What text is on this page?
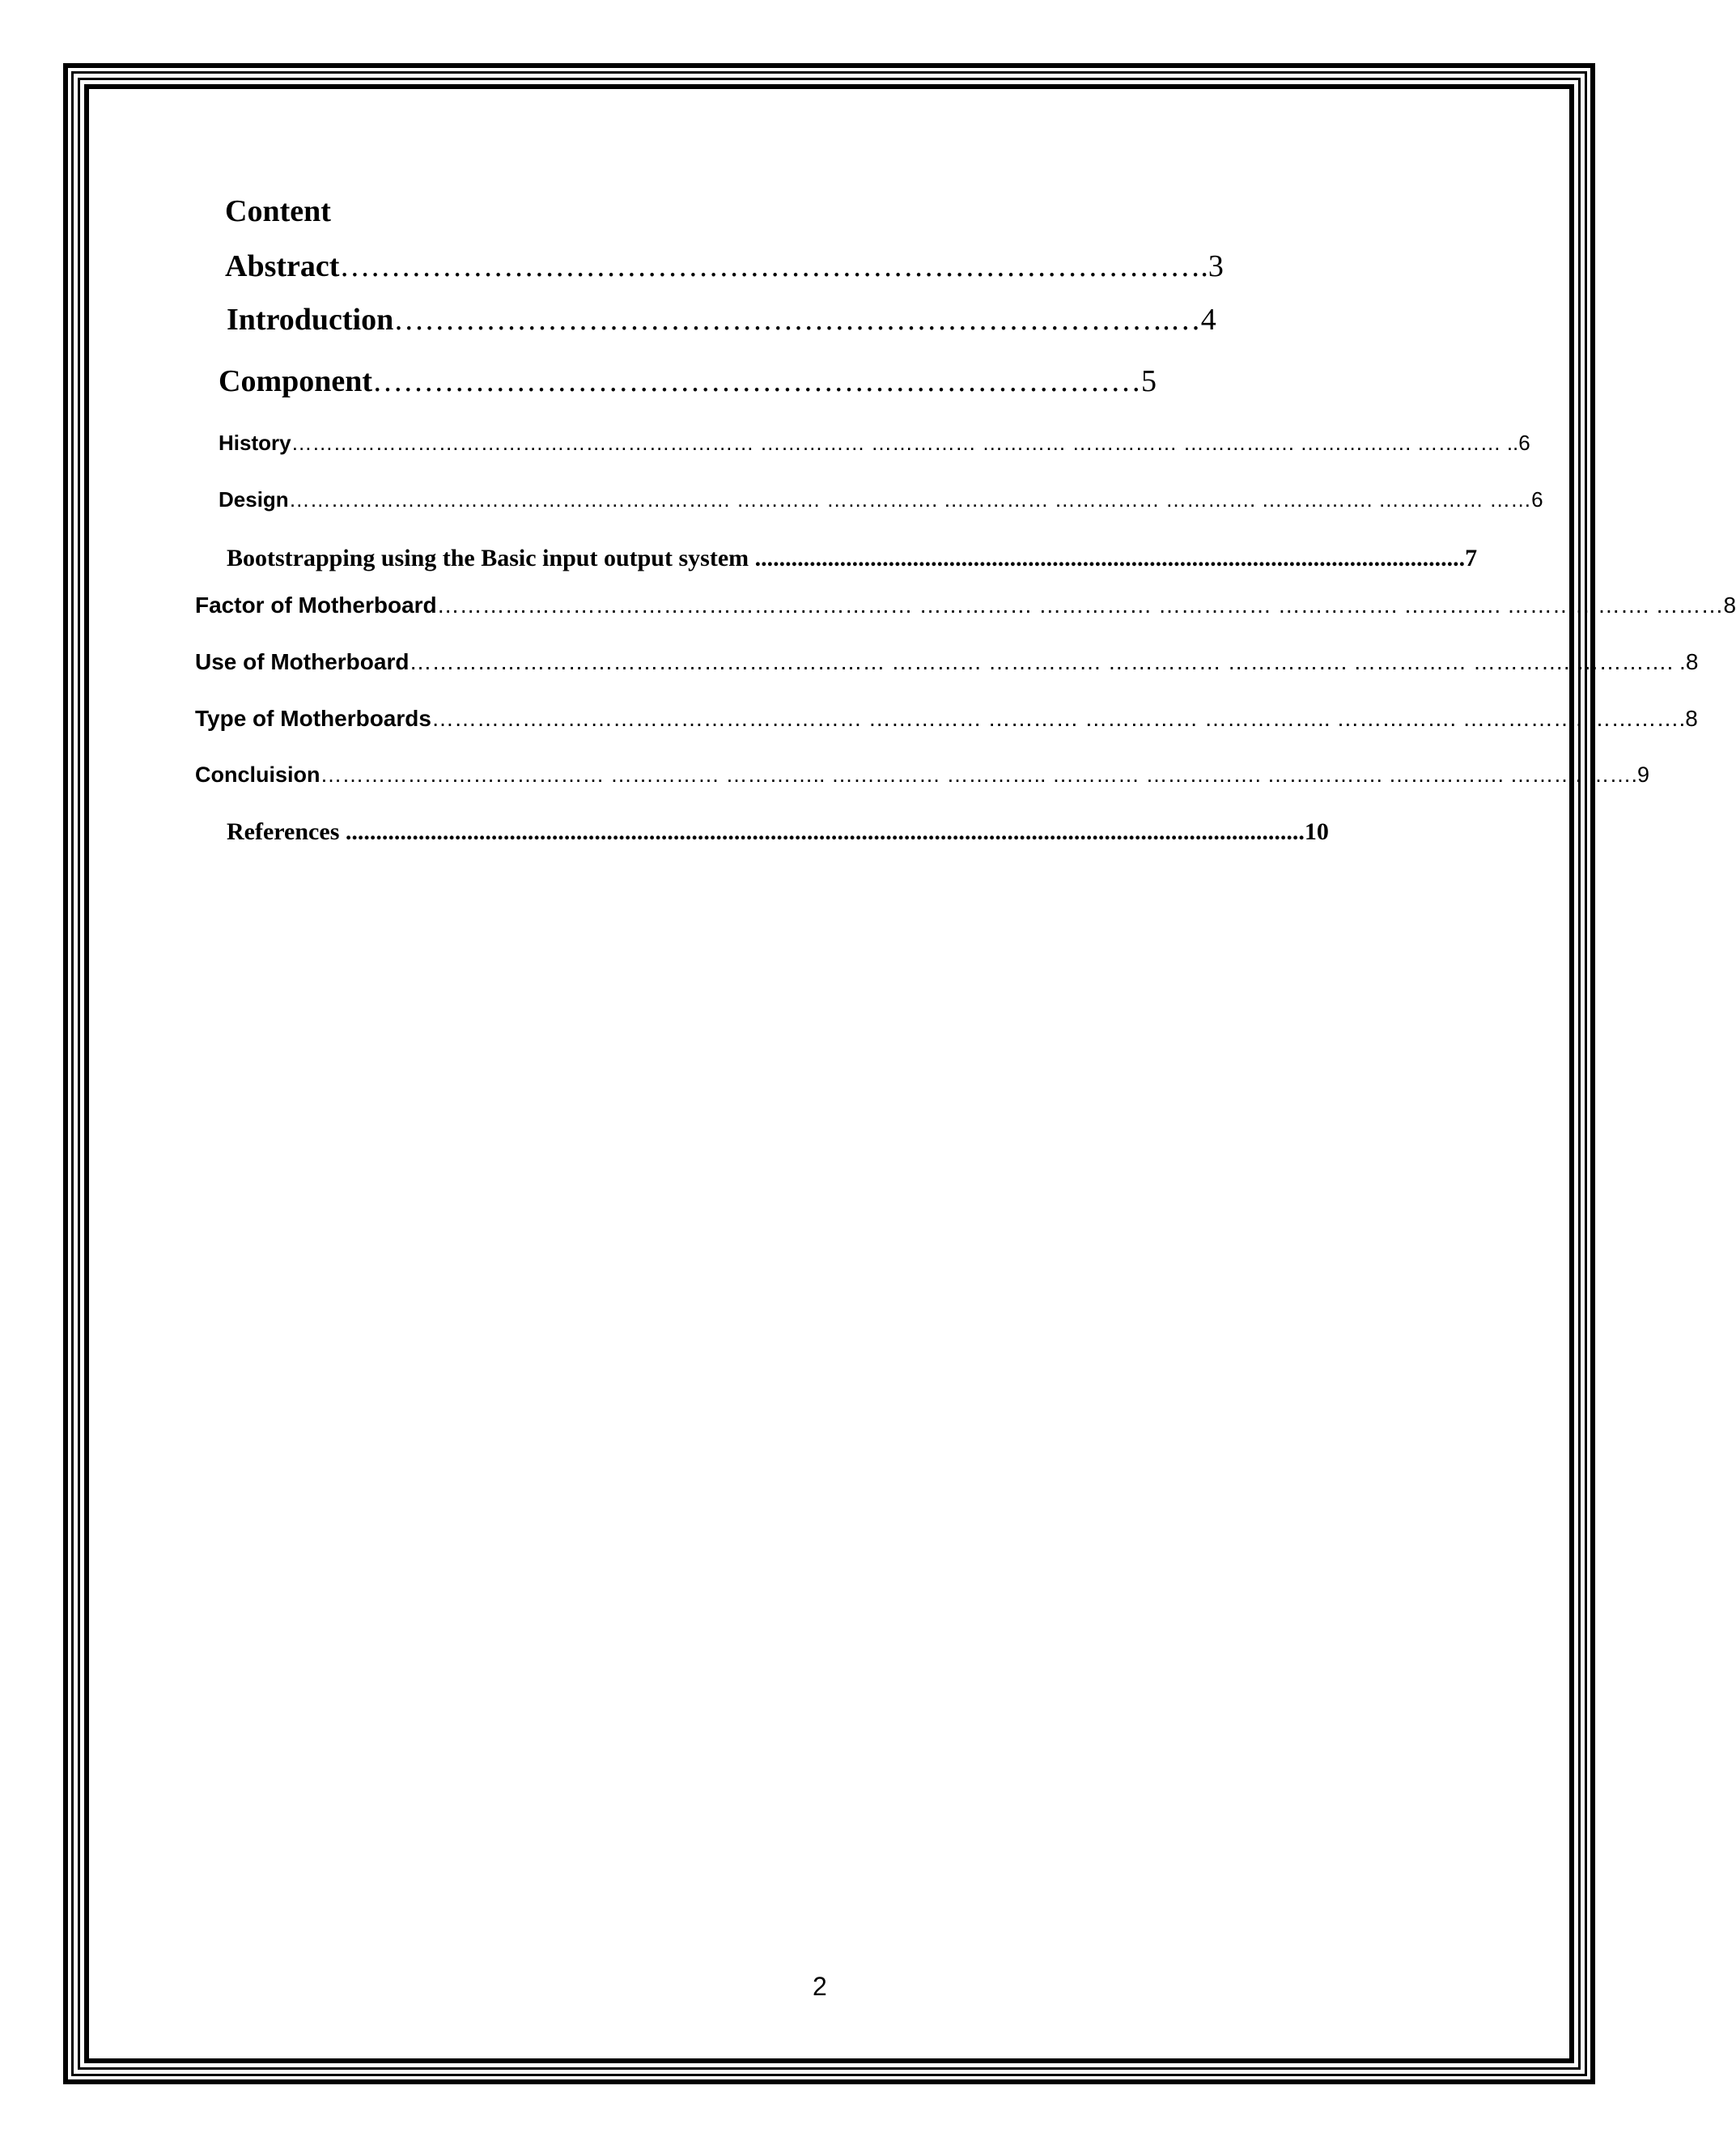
Content
Abstract………………………………………………………………………….3
Introduction………………………………………………………………….…4
Component…………………………………………………………………5
History………………………………………………………… …………… …………… ………… …………… ……………. ……………. ………… ..6
Design……………………………………………………… ………… ……………. …………… …………… …………. ……………. …………… ……6
Bootstrapping using the Basic input output system .....................................................................................................................7
Factor of Motherboard……………………………………………………… …………… …………… …………… ……………. …………. ………………. ………8
Use of Motherboard……………………………………………………… ………… …………… …………… ……………. …………… …………. …………. .8
Type of Motherboards………………………………………………… …………… ………… …………… …………….. ……………. ……………. ………….8
Concluision………………………………… …………… ………….. …………… ………….. ………… ……………. ……………. ……………. ………. …….9
References ..............................................................................................................................................................10
2
